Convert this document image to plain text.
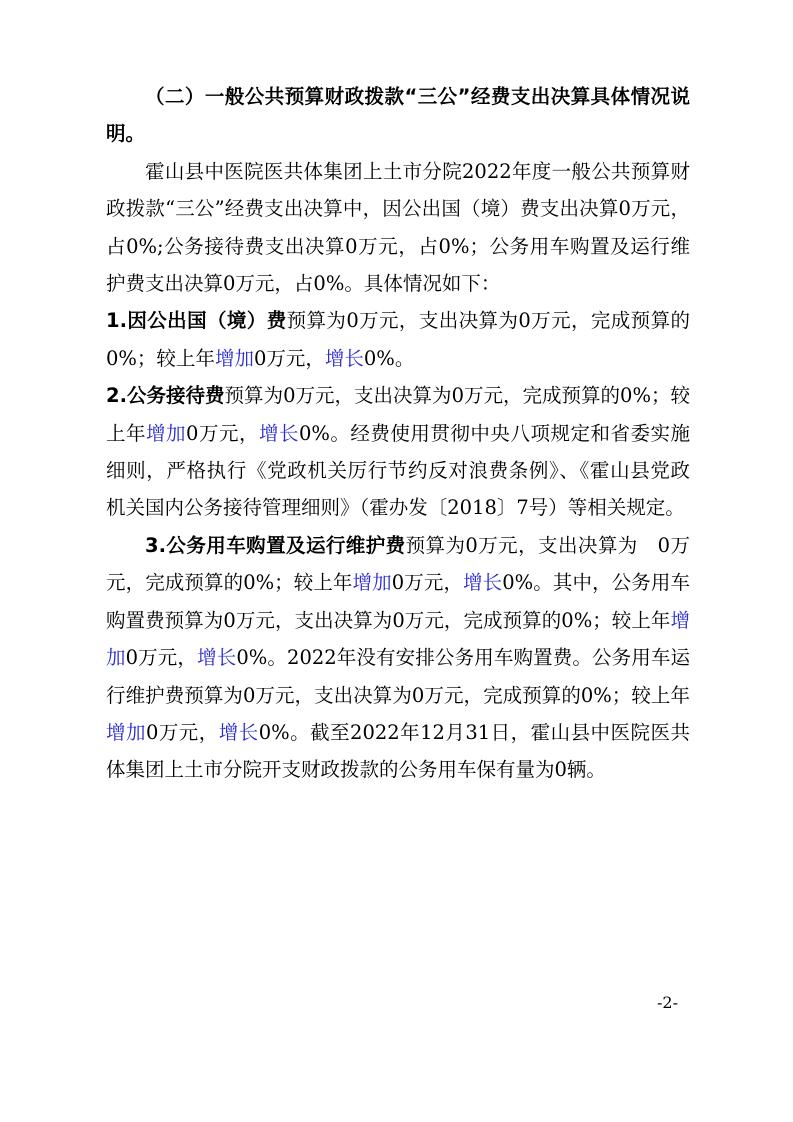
（二）一般公共预算财政拨款“三公”经费支出决算具体情况说明。

霍山县中医院医共体集团上土市分院2022年度一般公共预算财政拨款“三公”经费支出决算中，因公出国（境）费支出决算0万元，占0%;公务接待费支出决算0万元，占0%；公务用车购置及运行维护费支出决算0万元，占0%。具体情况如下：

1.因公出国（境）费预算为0万元，支出决算为0万元，完成预算的0%；较上年增加0万元，增长0%。

2.公务接待费预算为0万元，支出决算为0万元，完成预算的0%；较上年增加0万元，增长0%。经费使用贯彻中央八项规定和省委实施细则，严格执行《党政机关厉行节约反对浪费条例》、《霍山县党政机关国内公务接待管理细则》（霍办发〔2018〕7号）等相关规定。

3.公务用车购置及运行维护费预算为0万元，支出决算为　0万元，完成预算的0%；较上年增加0万元，增长0%。其中，公务用车购置费预算为0万元，支出决算为0万元，完成预算的0%；较上年增加0万元，增长0%。2022年没有安排公务用车购置费。公务用车运行维护费预算为0万元，支出决算为0万元，完成预算的0%；较上年增加0万元，增长0%。截至2022年12月31日，霍山县中医院医共体集团上土市分院开支财政拨款的公务用车保有量为0辆。

-2-
